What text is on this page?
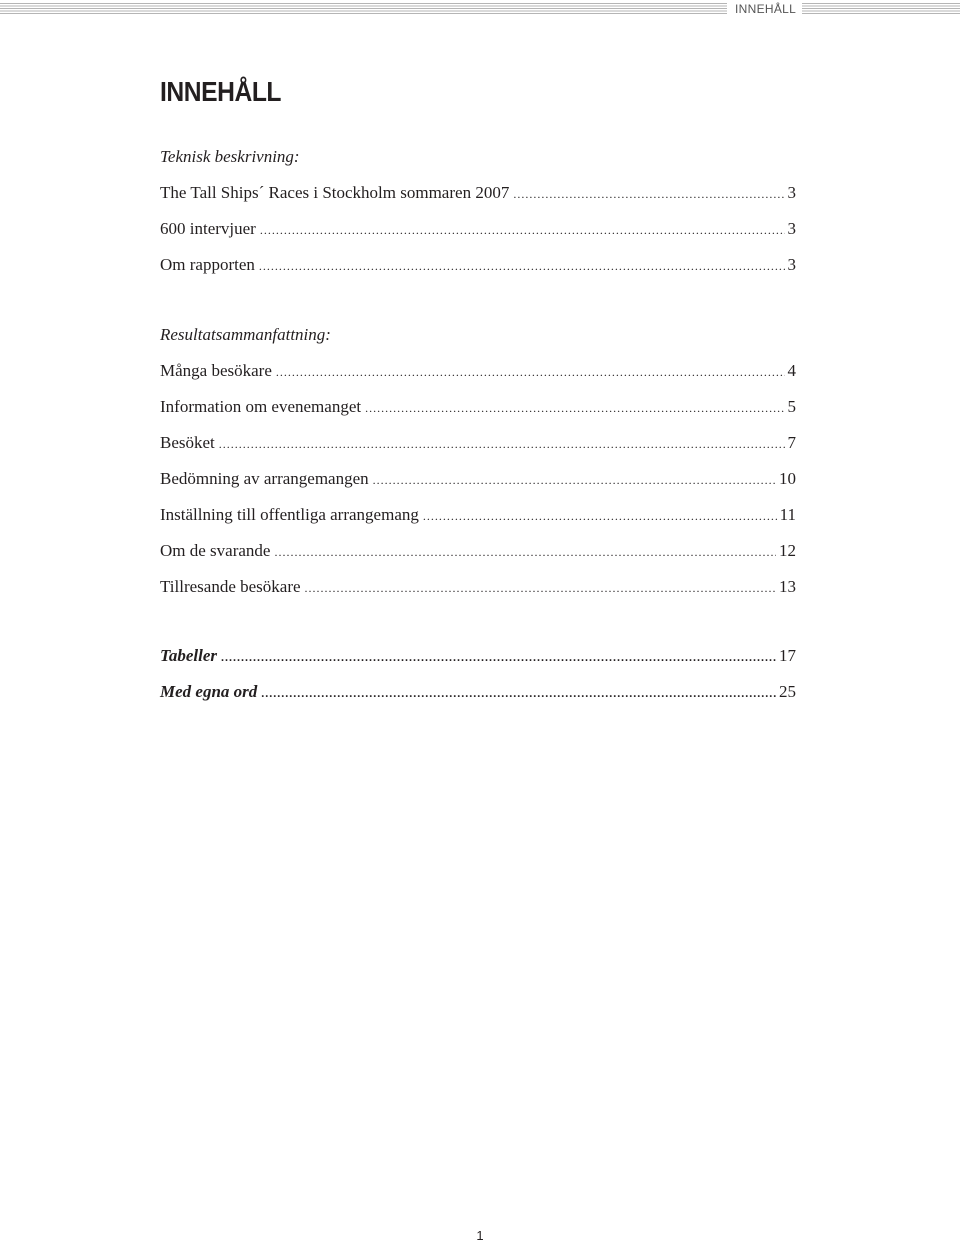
INNEHÅLL
INNEHÅLL
Teknisk beskrivning:
The Tall Ships´ Races i Stockholm sommaren 2007 .....	3
600 intervjuer .....	3
Om rapporten .....	3
Resultatsammanfattning:
Många besökare .....	4
Information om evenemanget .....	5
Besöket .....	7
Bedömning av arrangemangen .....	10
Inställning till offentliga arrangemang .....	11
Om de svarande .....	12
Tillresande besökare .....	13
Tabeller .....	17
Med egna ord .....	25
1
